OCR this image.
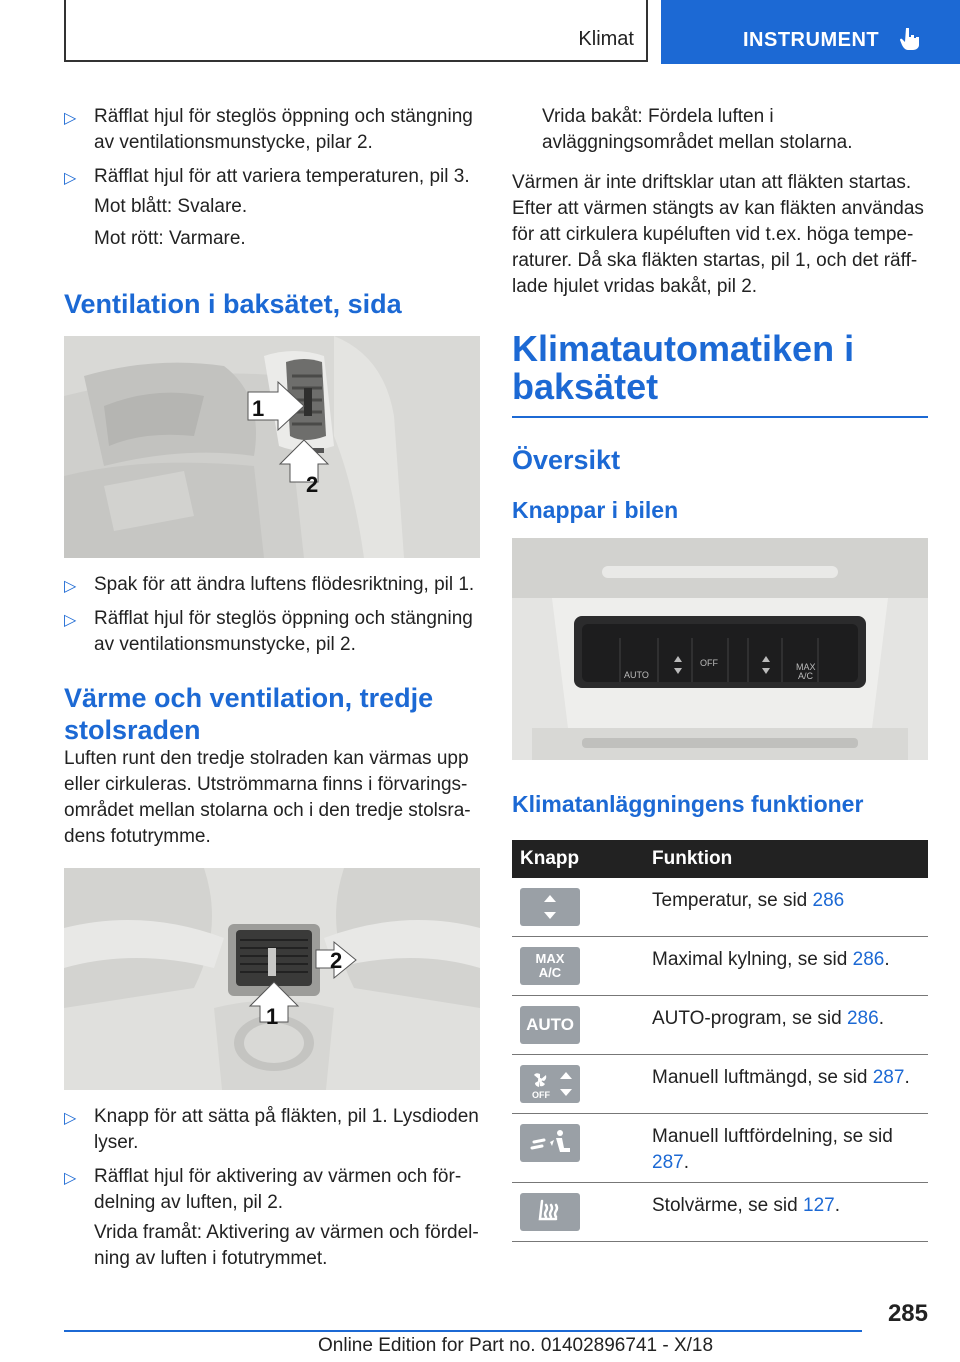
Klimat	INSTRUMENT
▷ Räfflat hjul för steglös öppning och stängning av ventilationsmunstycke, pilar 2.
▷ Räfflat hjul för att variera temperaturen, pil 3.
Mot blått: Svalare.
Mot rött: Varmare.
Ventilation i baksätet, sida
1
2
▷ Spak för att ändra luftens flödesriktning, pil 1.
▷ Räfflat hjul för steglös öppning och stängning av ventilationsmunstycke, pil 2.
Värme och ventilation, tredje stolsraden

Luften runt den tredje stolraden kan värmas upp eller cirkuleras. Utströmmarna finns i förvaringsområdet mellan stolarna och i den tredje stolsradens fotutrymme.

2
1
▷ Knapp för att sätta på fläkten, pil 1. Lysdioden lyser.
▷ Räfflat hjul för aktivering av värmen och fördelning av luften, pil 2.
Vrida framåt: Aktivering av värmen och fördelning av luften i fotutrymmet.
Vrida bakåt: Fördela luften i avläggningsområdet mellan stolarna.

Värmen är inte driftsklar utan att fläkten startas. Efter att värmen stängts av kan fläkten användas för att cirkulera kupéluften vid t.ex. höga temperaturer. Då ska fläkten startas, pil 1, och det räfflade hjulet vridas bakåt, pil 2.

Klimatautomatiken i baksätet
Översikt
Knappar i bilen
AUTO
OFF	MAX
A/C
Klimatanläggningens funktioner
Knapp	Funktion

	Temperatur, se sid 286

MAX
A/C	Maximal kylning, se sid 286.

AUTO	AUTO-program, se sid 286.

OFF	Manuell luftmängd, se sid 287.

	Manuell luftfördelning, se sid 287.

	Stolvärme, se sid 127.
285
Online Edition for Part no. 01402896741 - X/18
